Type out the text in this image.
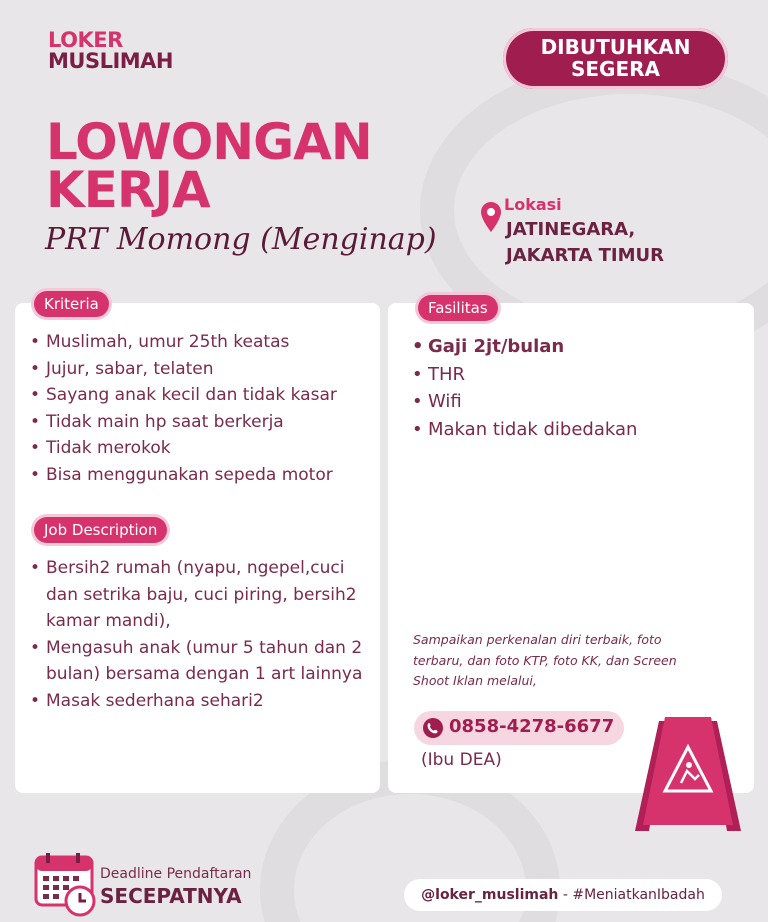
LOKER
MUSLIMAH
DIBUTUHKAN
SEGERA
LOWONGAN
KERJA
PRT Momong (Menginap)
Lokasi
JATINEGARA,
JAKARTA TIMUR
Kriteria
• Muslimah, umur 25th keatas
• Jujur, sabar, telaten
• Sayang anak kecil dan tidak kasar
• Tidak main hp saat berkerja
• Tidak merokok
• Bisa menggunakan sepeda motor
Job Description
• Bersih2 rumah (nyapu, ngepel,cuci dan setrika baju, cuci piring, bersih2 kamar mandi),
• Mengasuh anak (umur 5 tahun dan 2 bulan) bersama dengan 1 art lainnya
• Masak sederhana sehari2
Fasilitas
• Gaji 2jt/bulan
• THR
• Wifi
• Makan tidak dibedakan
Sampaikan perkenalan diri terbaik, foto terbaru, dan foto KTP, foto KK, dan Screen Shoot Iklan melalui,
0858-4278-6677
(Ibu DEA)
Deadline Pendaftaran
SECEPATNYA	@loker_muslimah - #MeniatkanIbadah
